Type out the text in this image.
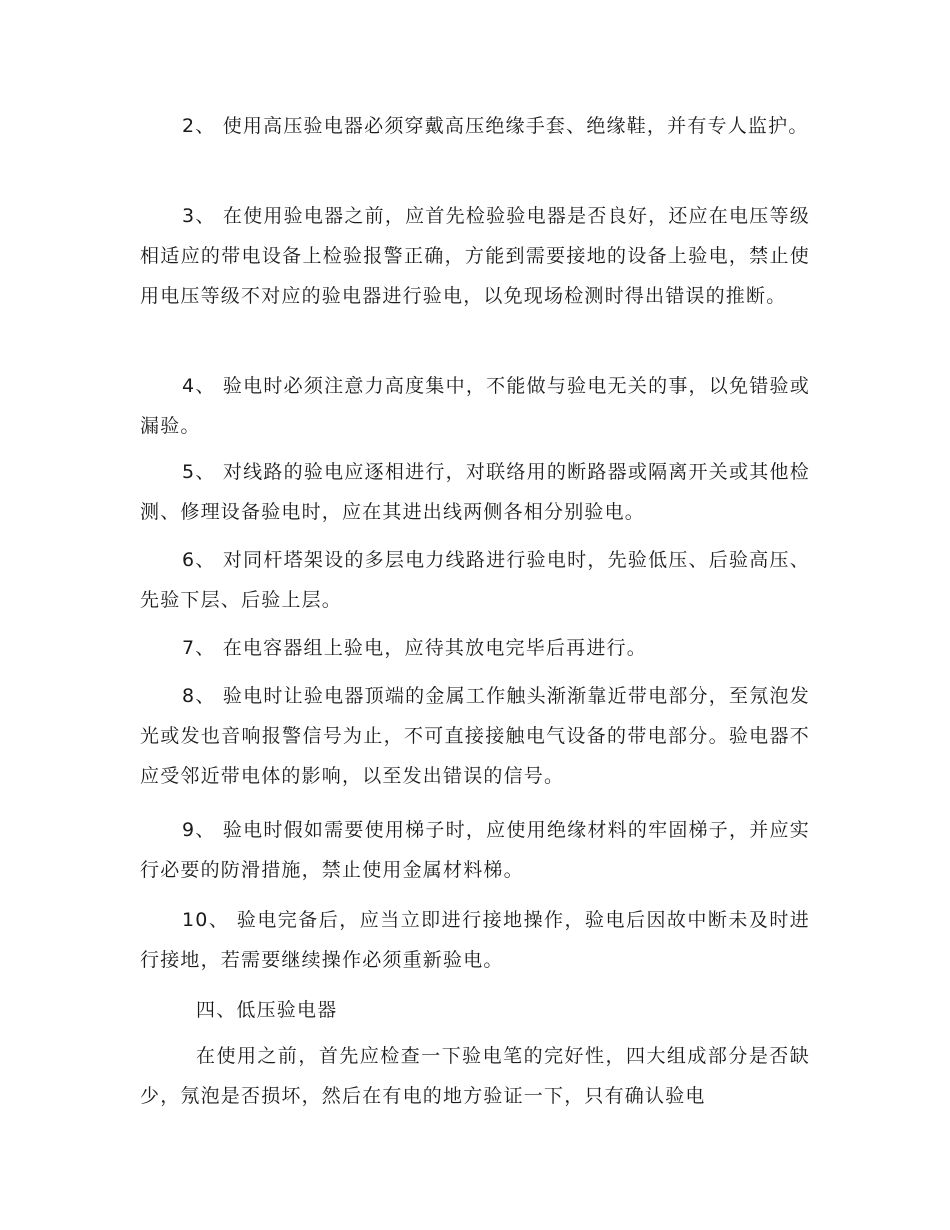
2、 使用高压验电器必须穿戴高压绝缘手套、绝缘鞋，并有专人监护。

3、 在使用验电器之前，应首先检验验电器是否良好，还应在电压等级相适应的带电设备上检验报警正确，方能到需要接地的设备上验电，禁止使用电压等级不对应的验电器进行验电，以免现场检测时得出错误的推断。

4、 验电时必须注意力高度集中，不能做与验电无关的事，以免错验或漏验。

5、 对线路的验电应逐相进行，对联络用的断路器或隔离开关或其他检测、修理设备验电时，应在其进出线两侧各相分别验电。

6、 对同杆塔架设的多层电力线路进行验电时，先验低压、后验高压、先验下层、后验上层。

7、 在电容器组上验电，应待其放电完毕后再进行。

8、 验电时让验电器顶端的金属工作触头渐渐靠近带电部分，至氖泡发光或发也音响报警信号为止，不可直接接触电气设备的带电部分。验电器不应受邻近带电体的影响，以至发出错误的信号。

9、 验电时假如需要使用梯子时，应使用绝缘材料的牢固梯子，并应实行必要的防滑措施，禁止使用金属材料梯。

10、 验电完备后，应当立即进行接地操作，验电后因故中断未及时进行接地，若需要继续操作必须重新验电。

四、低压验电器

在使用之前，首先应检查一下验电笔的完好性，四大组成部分是否缺少，氖泡是否损坏，然后在有电的地方验证一下，只有确认验电
